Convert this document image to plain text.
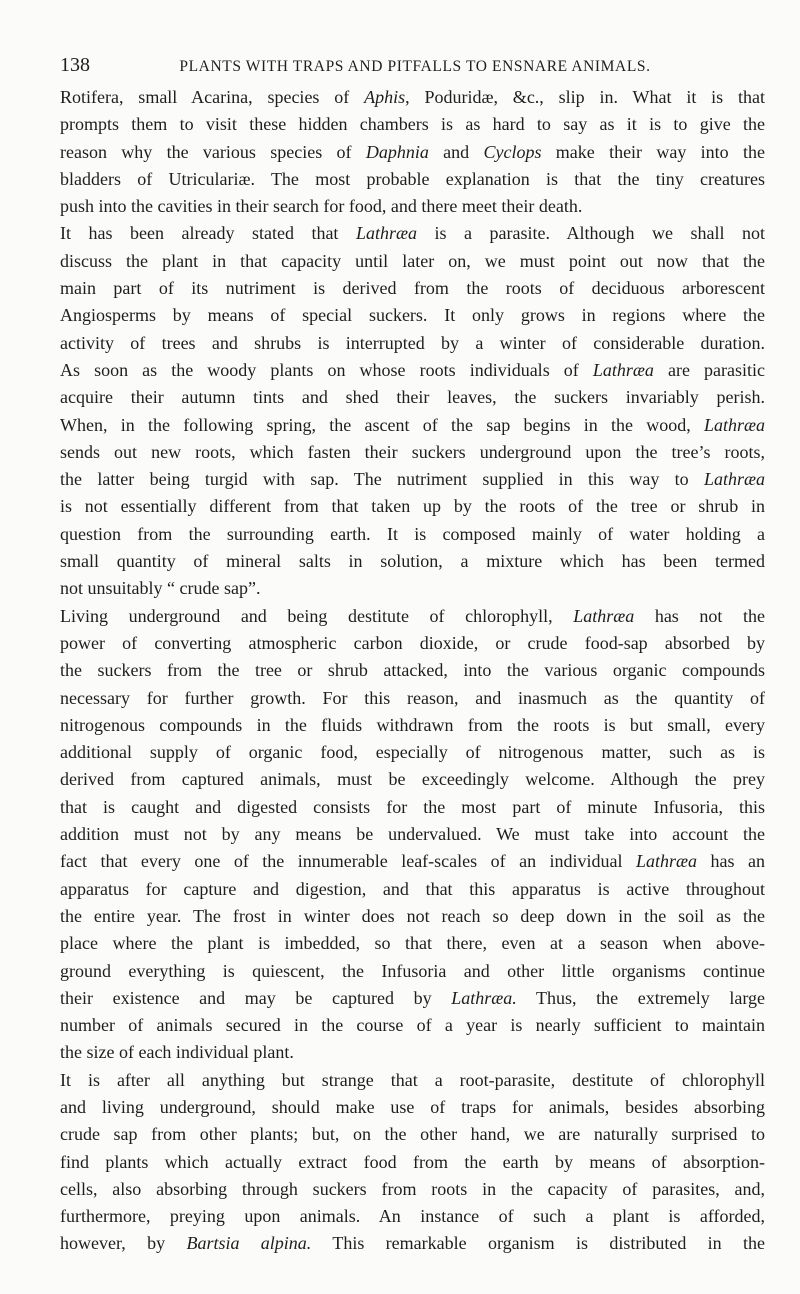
138	PLANTS WITH TRAPS AND PITFALLS TO ENSNARE ANIMALS.
Rotifera, small Acarina, species of Aphis, Poduridæ, &c., slip in. What it is that
prompts them to visit these hidden chambers is as hard to say as it is to give the
reason why the various species of Daphnia and Cyclops make their way into the
bladders of Utriculariæ. The most probable explanation is that the tiny creatures
push into the cavities in their search for food, and there meet their death.
It has been already stated that Lathræa is a parasite. Although we shall not
discuss the plant in that capacity until later on, we must point out now that the
main part of its nutriment is derived from the roots of deciduous arborescent
Angiosperms by means of special suckers. It only grows in regions where the
activity of trees and shrubs is interrupted by a winter of considerable duration.
As soon as the woody plants on whose roots individuals of Lathræa are parasitic
acquire their autumn tints and shed their leaves, the suckers invariably perish.
When, in the following spring, the ascent of the sap begins in the wood, Lathræa
sends out new roots, which fasten their suckers underground upon the tree’s roots,
the latter being turgid with sap. The nutriment supplied in this way to Lathræa
is not essentially different from that taken up by the roots of the tree or shrub in
question from the surrounding earth. It is composed mainly of water holding a
small quantity of mineral salts in solution, a mixture which has been termed
not unsuitably “ crude sap”.
Living underground and being destitute of chlorophyll, Lathræa has not the
power of converting atmospheric carbon dioxide, or crude food-sap absorbed by
the suckers from the tree or shrub attacked, into the various organic compounds
necessary for further growth. For this reason, and inasmuch as the quantity of
nitrogenous compounds in the fluids withdrawn from the roots is but small, every
additional supply of organic food, especially of nitrogenous matter, such as is
derived from captured animals, must be exceedingly welcome. Although the prey
that is caught and digested consists for the most part of minute Infusoria, this
addition must not by any means be undervalued. We must take into account the
fact that every one of the innumerable leaf-scales of an individual Lathræa has an
apparatus for capture and digestion, and that this apparatus is active throughout
the entire year. The frost in winter does not reach so deep down in the soil as the
place where the plant is imbedded, so that there, even at a season when above-
ground everything is quiescent, the Infusoria and other little organisms continue
their existence and may be captured by Lathræa. Thus, the extremely large
number of animals secured in the course of a year is nearly sufficient to maintain
the size of each individual plant.
It is after all anything but strange that a root-parasite, destitute of chlorophyll
and living underground, should make use of traps for animals, besides absorbing
crude sap from other plants; but, on the other hand, we are naturally surprised to
find plants which actually extract food from the earth by means of absorption-
cells, also absorbing through suckers from roots in the capacity of parasites, and,
furthermore, preying upon animals. An instance of such a plant is afforded,
however, by Bartsia alpina. This remarkable organism is distributed in the
